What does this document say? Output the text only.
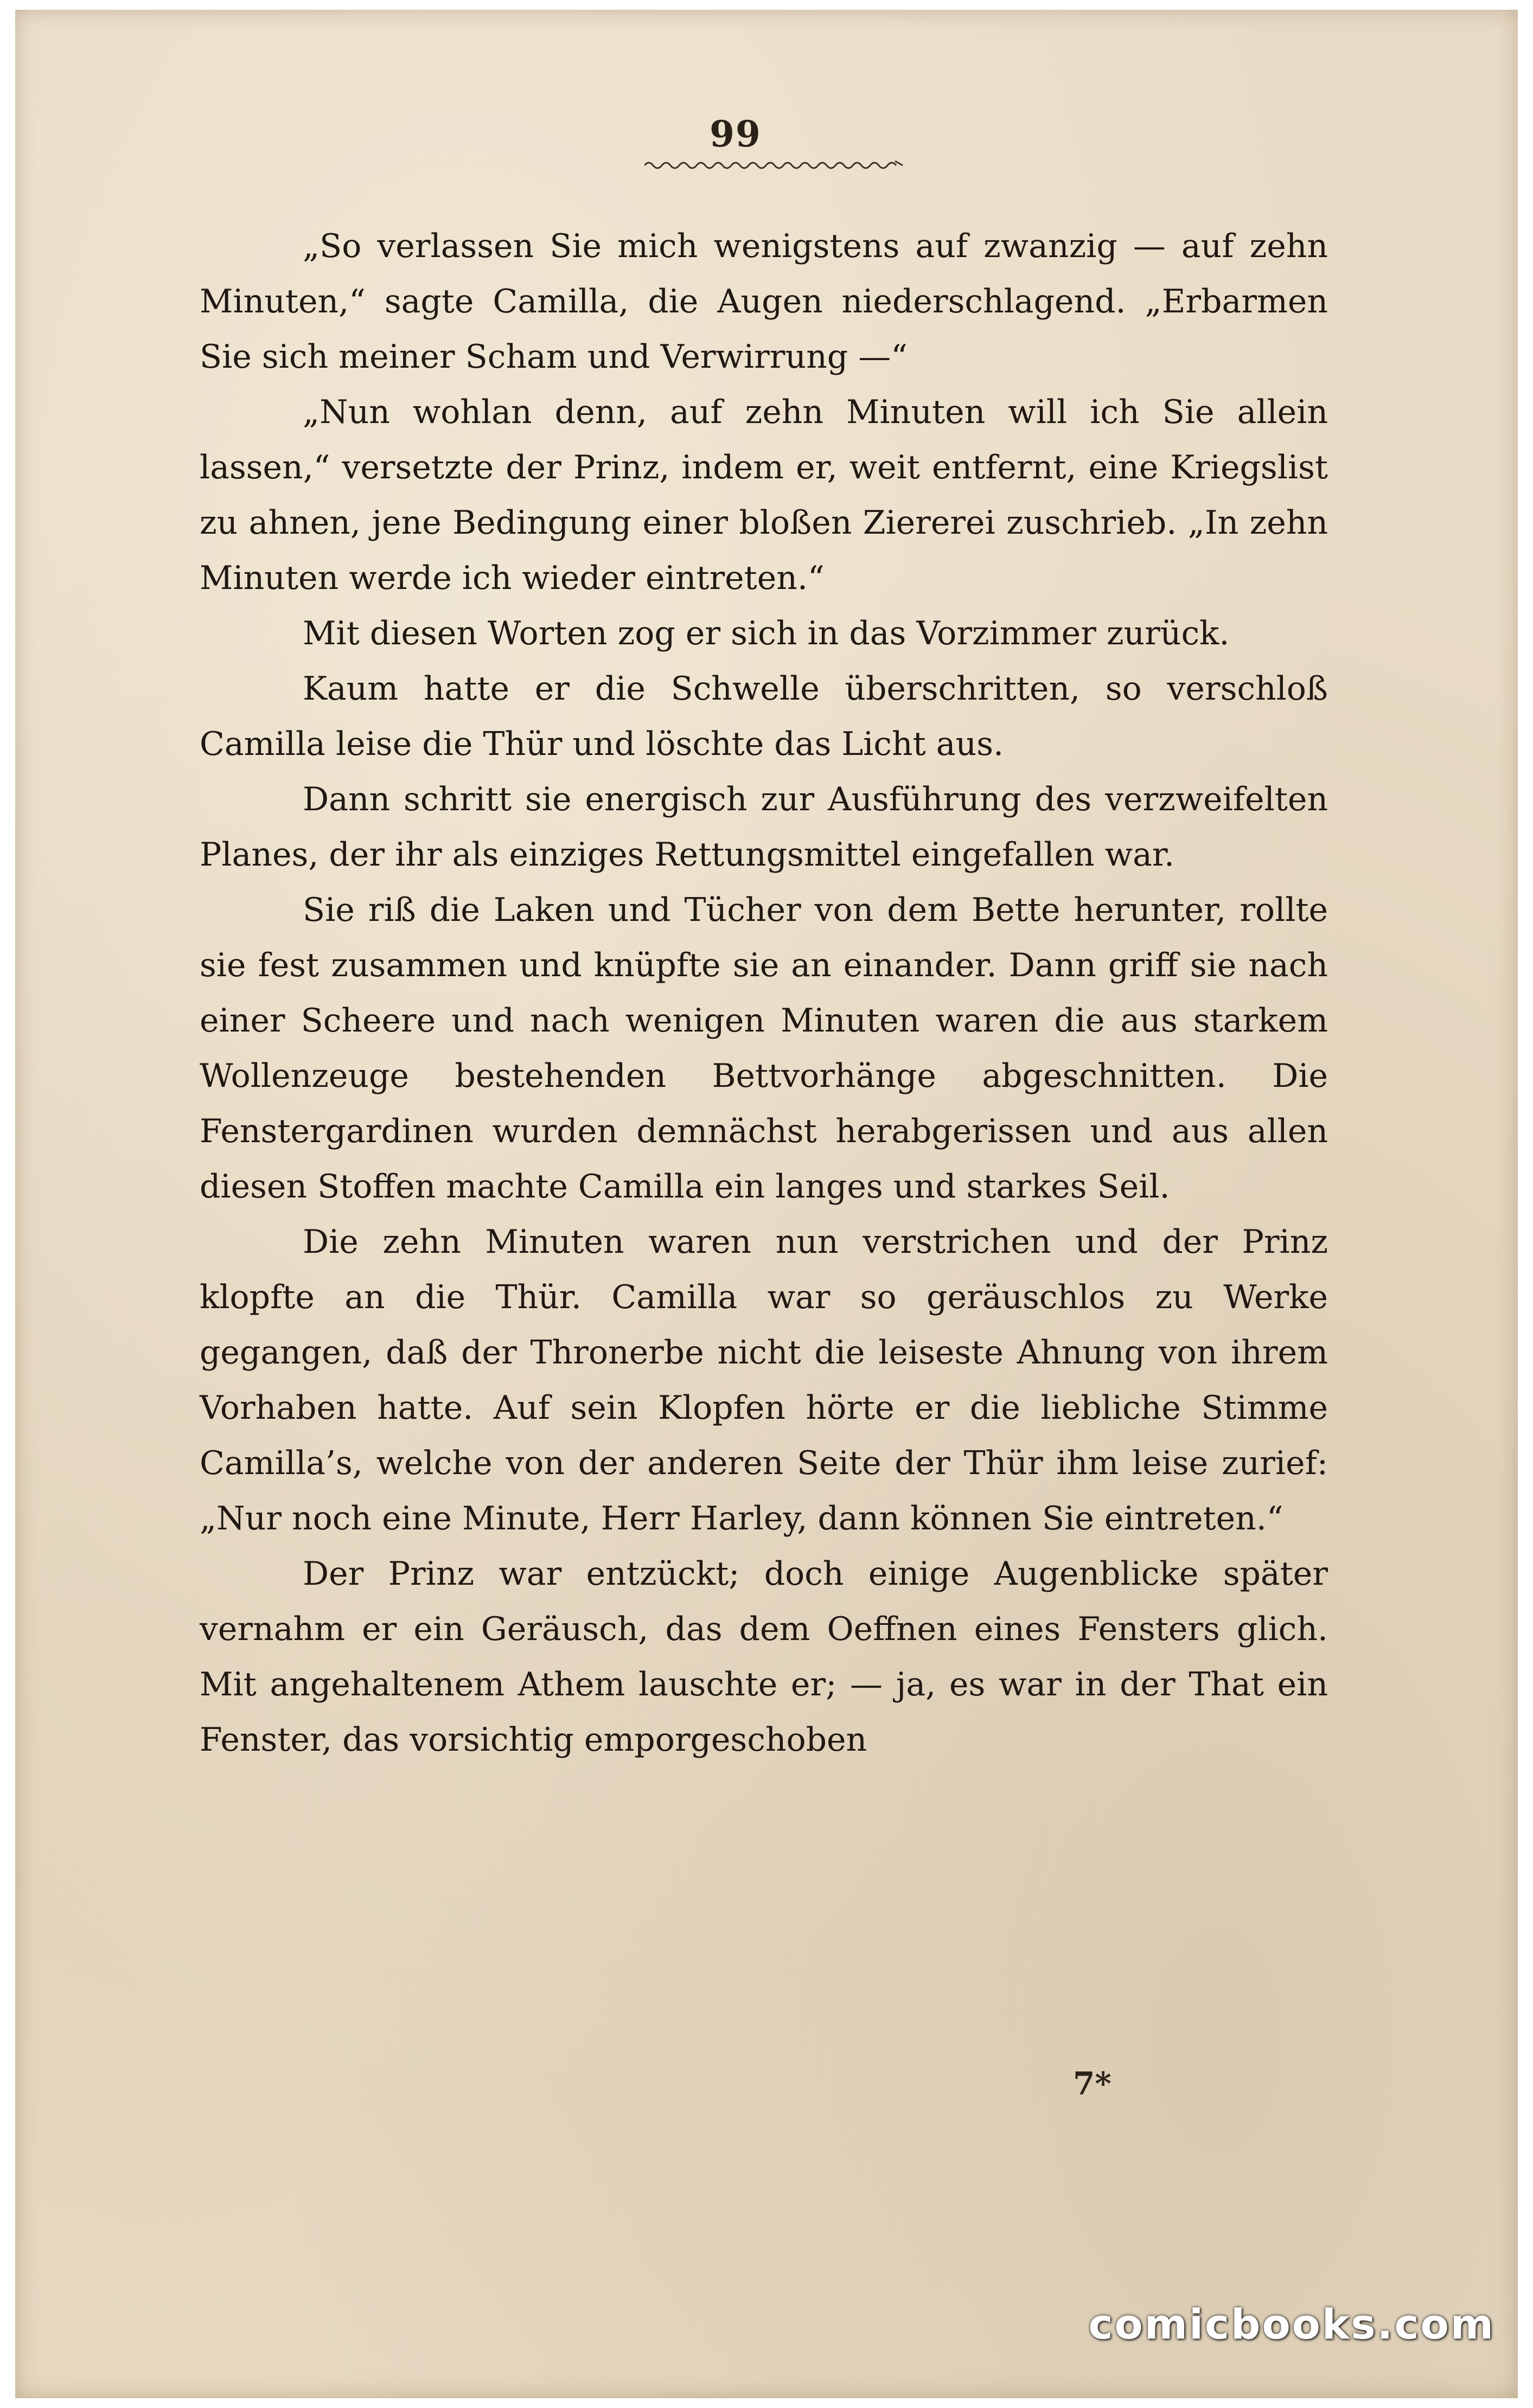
99

„So verlassen Sie mich wenigstens auf zwanzig — auf zehn Minuten,“ sagte Camilla, die Augen niederschlagend. „Erbarmen Sie sich meiner Scham und Verwirrung —“

„Nun wohlan denn, auf zehn Minuten will ich Sie allein lassen,“ versetzte der Prinz, indem er, weit entfernt, eine Kriegslist zu ahnen, jene Bedingung einer bloßen Ziererei zuschrieb. „In zehn Minuten werde ich wieder eintreten.“

Mit diesen Worten zog er sich in das Vorzimmer zurück.

Kaum hatte er die Schwelle überschritten, so verschloß Camilla leise die Thür und löschte das Licht aus.

Dann schritt sie energisch zur Ausführung des verzweifelten Planes, der ihr als einziges Rettungsmittel eingefallen war.

Sie riß die Laken und Tücher von dem Bette herunter, rollte sie fest zusammen und knüpfte sie an einander. Dann griff sie nach einer Scheere und nach wenigen Minuten waren die aus starkem Wollenzeuge bestehenden Bettvorhänge abgeschnitten. Die Fenstergardinen wurden demnächst herabgerissen und aus allen diesen Stoffen machte Camilla ein langes und starkes Seil.

Die zehn Minuten waren nun verstrichen und der Prinz klopfte an die Thür. Camilla war so geräuschlos zu Werke gegangen, daß der Thronerbe nicht die leiseste Ahnung von ihrem Vorhaben hatte. Auf sein Klopfen hörte er die liebliche Stimme Camilla’s, welche von der anderen Seite der Thür ihm leise zurief: „Nur noch eine Minute, Herr Harley, dann können Sie eintreten.“

Der Prinz war entzückt; doch einige Augenblicke später vernahm er ein Geräusch, das dem Oeffnen eines Fensters glich. Mit angehaltenem Athem lauschte er; — ja, es war in der That ein Fenster, das vorsichtig emporgeschoben

7*
comicbooks.com
